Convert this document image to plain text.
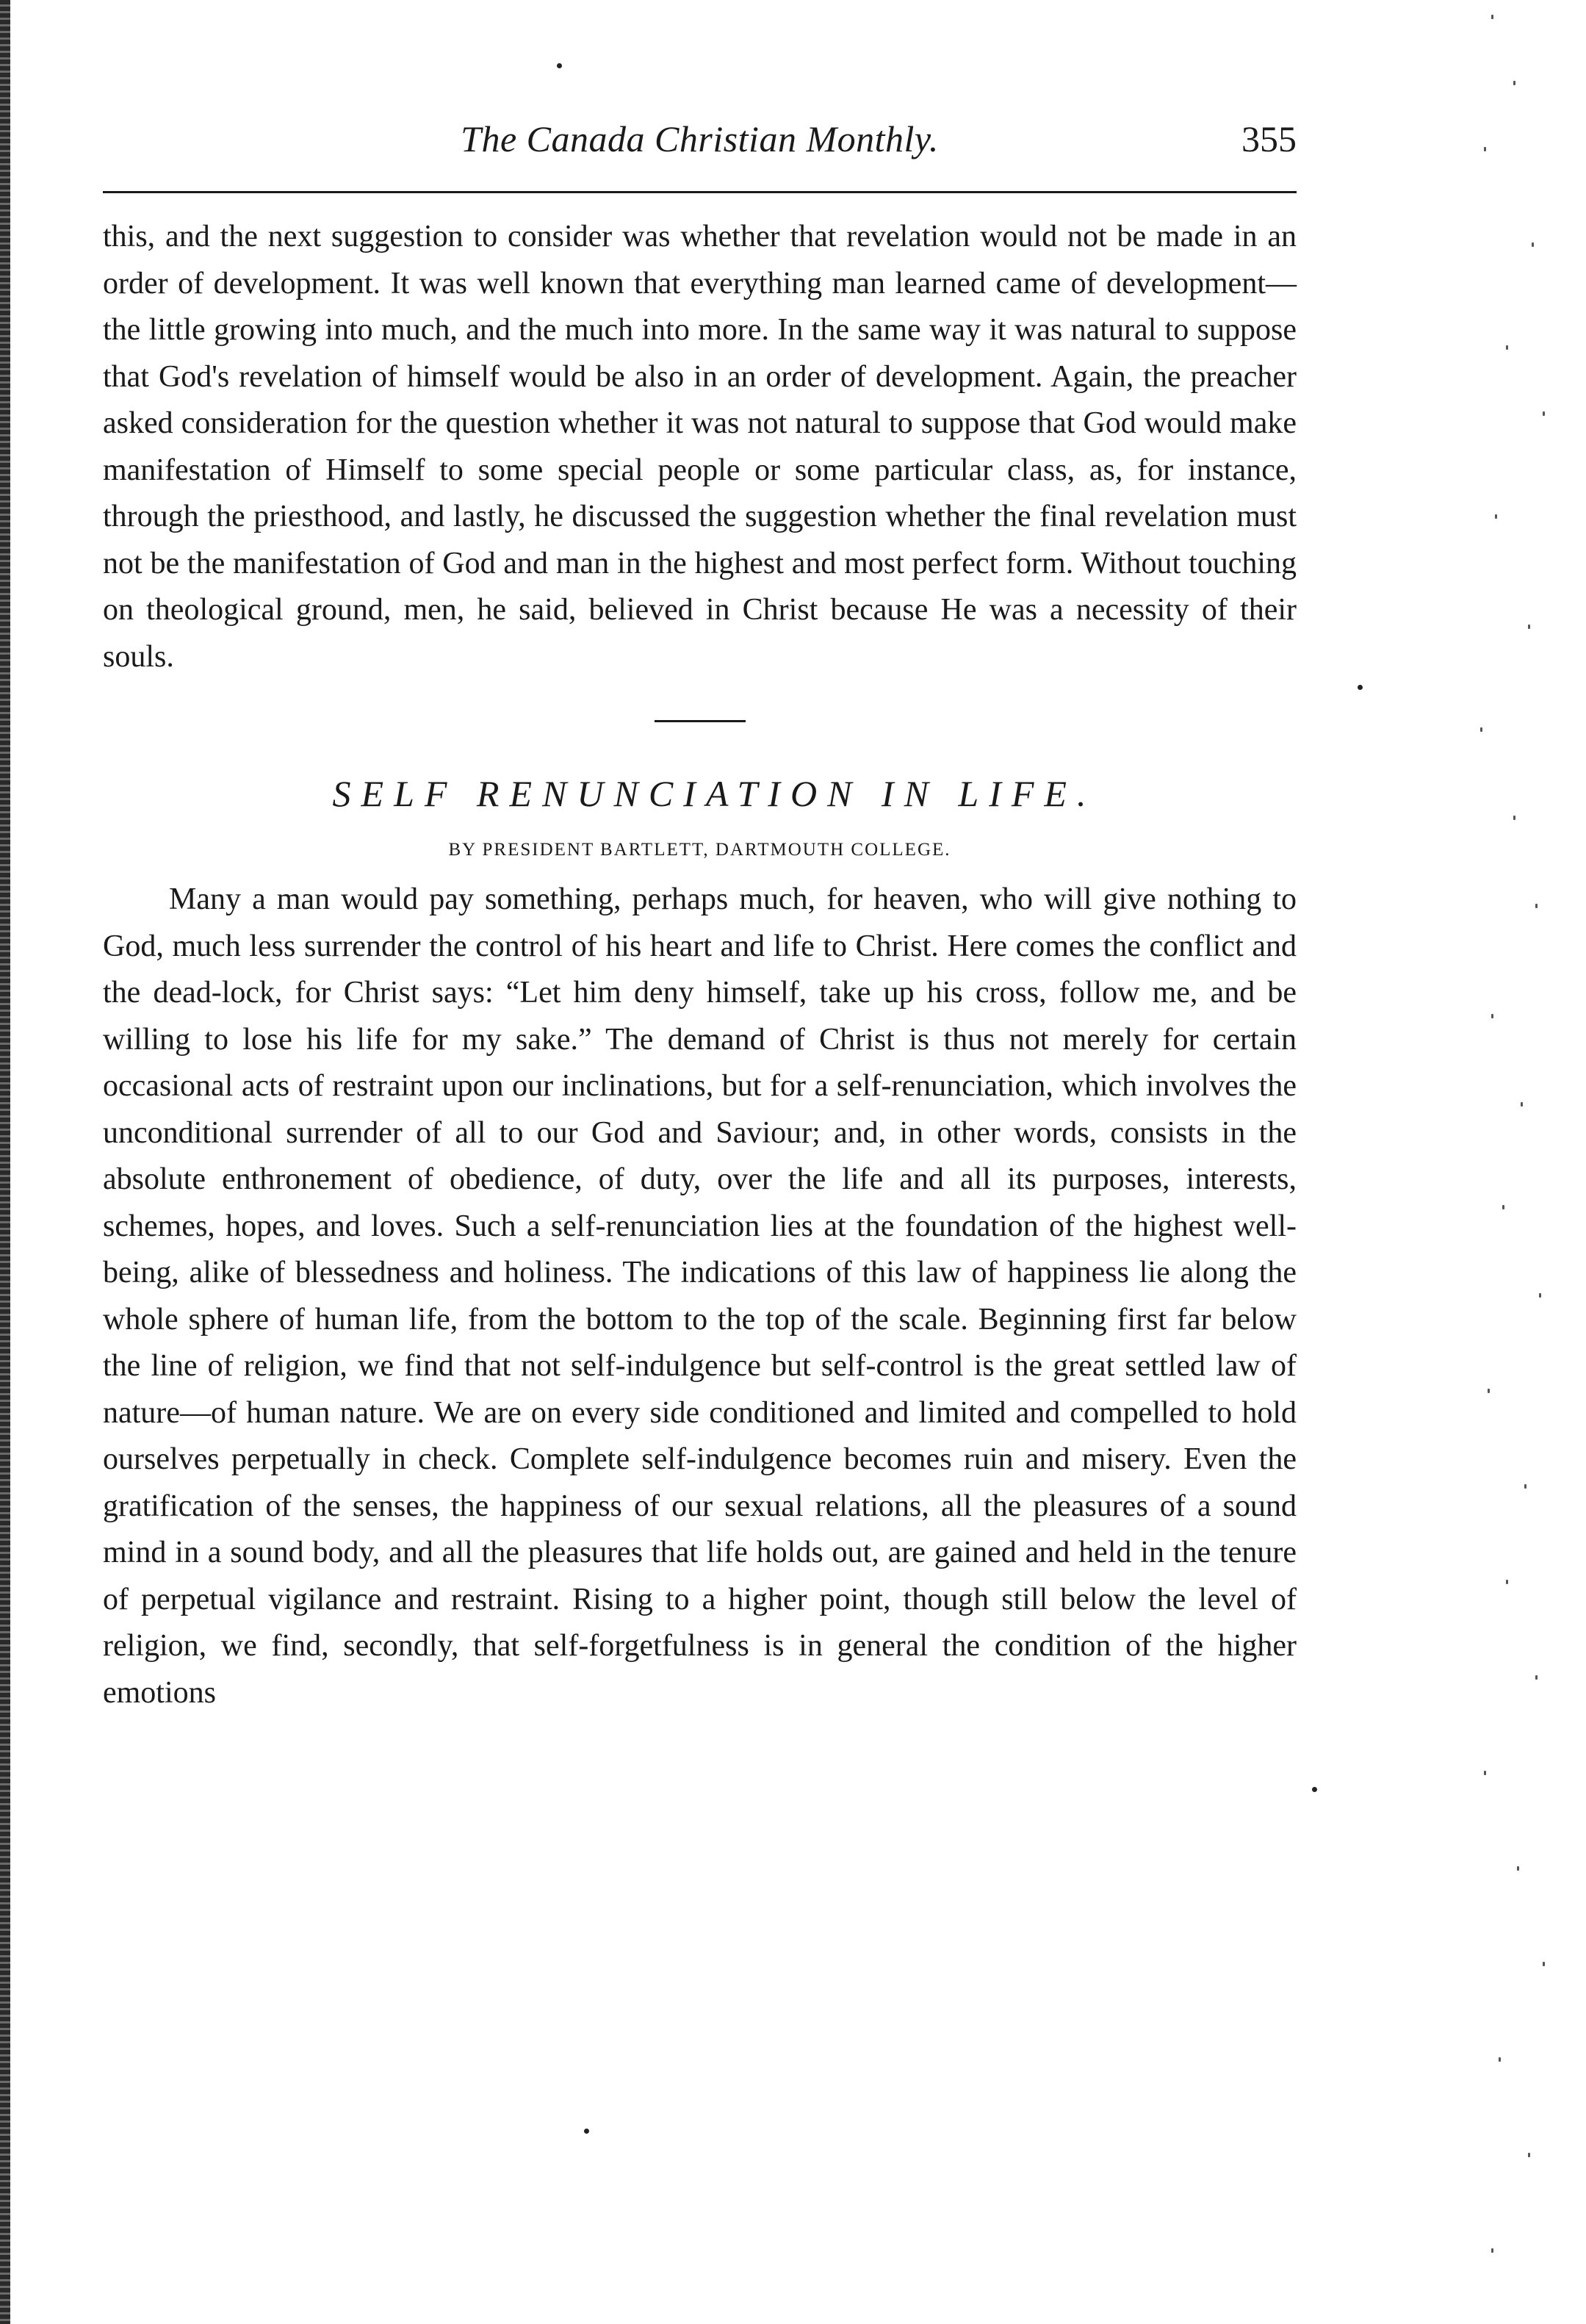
The Canada Christian Monthly.	355

this, and the next suggestion to consider was whether that revelation would not be made in an order of development. It was well known that everything man learned came of development—the little growing into much, and the much into more. In the same way it was natural to suppose that God's revelation of himself would be also in an order of development. Again, the preacher asked consideration for the question whether it was not natural to suppose that God would make manifestation of Himself to some special people or some particular class, as, for instance, through the priesthood, and lastly, he discussed the suggestion whether the final revelation must not be the manifestation of God and man in the highest and most perfect form. Without touching on theological ground, men, he said, believed in Christ because He was a necessity of their souls.

SELF RENUNCIATION IN LIFE.
BY PRESIDENT BARTLETT, DARTMOUTH COLLEGE.

Many a man would pay something, perhaps much, for heaven, who will give nothing to God, much less surrender the control of his heart and life to Christ. Here comes the conflict and the dead-lock, for Christ says: “Let him deny himself, take up his cross, follow me, and be willing to lose his life for my sake.” The demand of Christ is thus not merely for certain occasional acts of restraint upon our inclinations, but for a self-renunciation, which involves the unconditional surrender of all to our God and Saviour; and, in other words, consists in the absolute enthronement of obedience, of duty, over the life and all its purposes, interests, schemes, hopes, and loves. Such a self-renunciation lies at the foundation of the highest well-being, alike of blessedness and holiness. The indications of this law of happiness lie along the whole sphere of human life, from the bottom to the top of the scale. Beginning first far below the line of religion, we find that not self-indulgence but self-control is the great settled law of nature—of human nature. We are on every side conditioned and limited and compelled to hold ourselves perpetually in check. Complete self-indulgence becomes ruin and misery. Even the gratification of the senses, the happiness of our sexual relations, all the pleasures of a sound mind in a sound body, and all the pleasures that life holds out, are gained and held in the tenure of perpetual vigilance and restraint. Rising to a higher point, though still below the level of religion, we find, secondly, that self-forgetfulness is in general the condition of the higher emotions
